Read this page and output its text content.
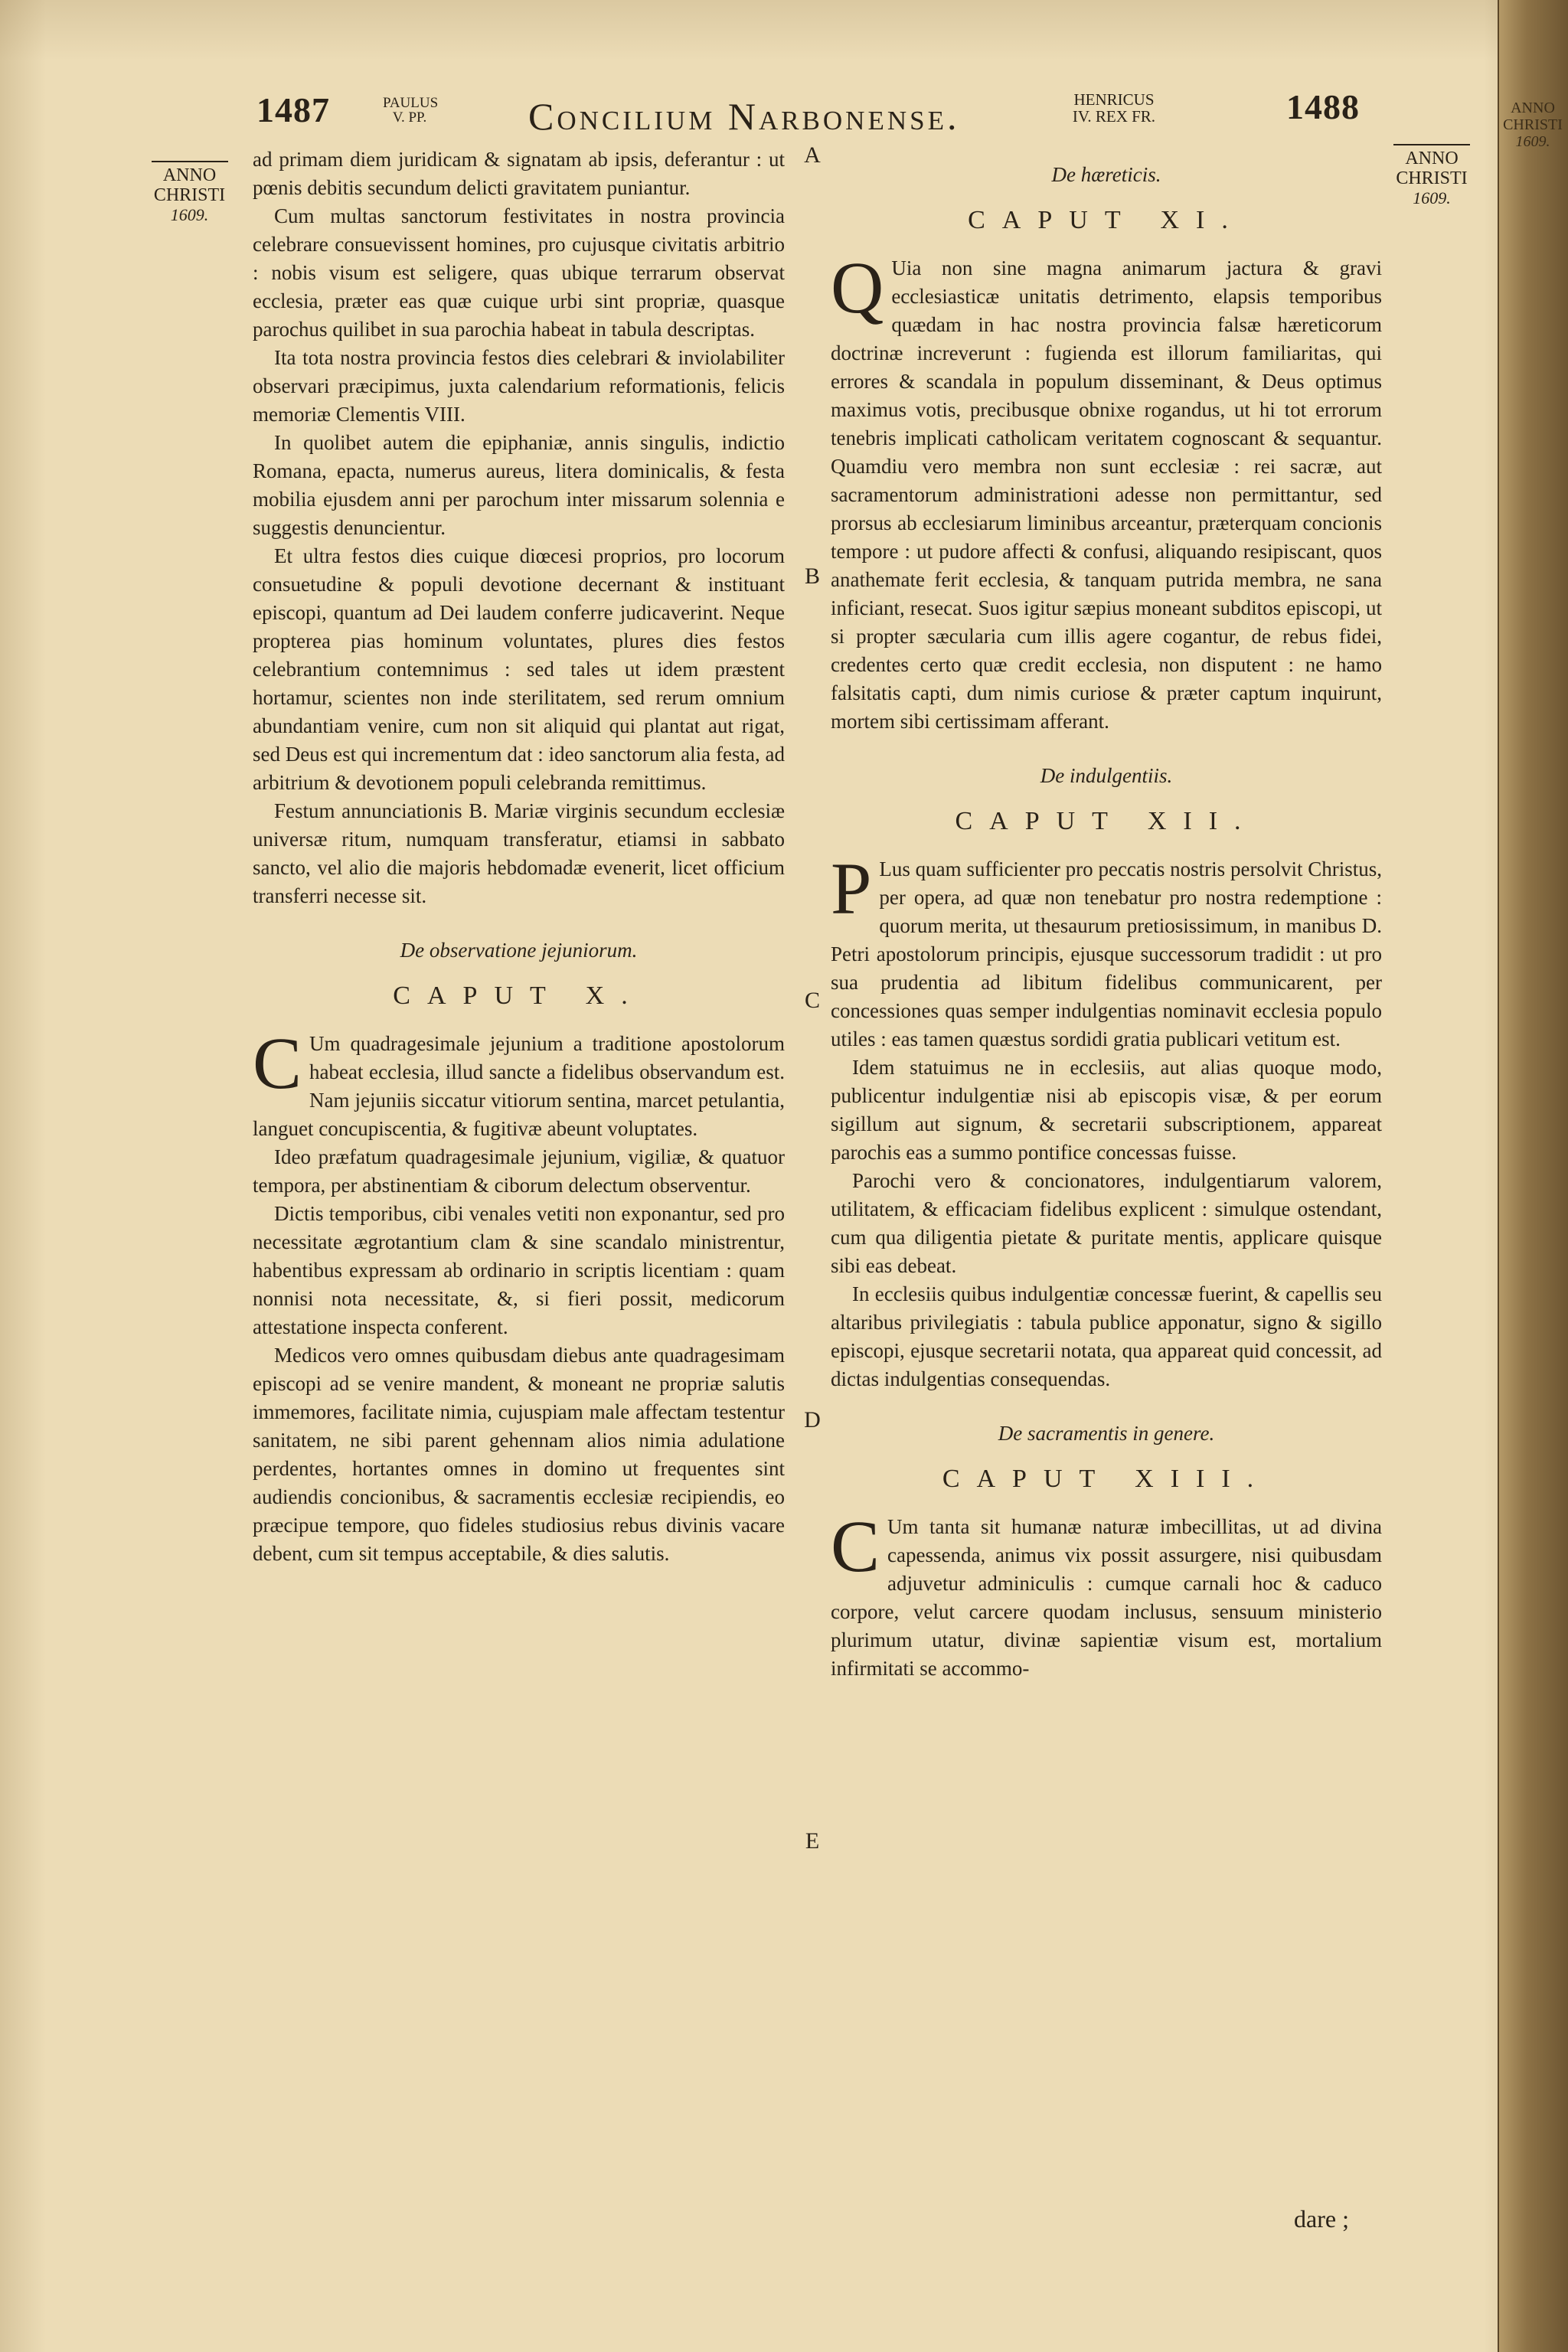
ANNO
CHRISTI
1609.
1487	PAULUS V. PP.	Concilium Narbonense.	HENRICUS IV. REX FR.	1488
ANNO
CHRISTI
1609.
ANNO
CHRISTI
1609.
A
B
C
D
E

ad primam diem juridicam & signatam ab ipsis, deferantur : ut pœnis debitis secundum delicti gravitatem puniantur.

Cum multas sanctorum festivitates in nostra provincia celebrare consuevissent homines, pro cujusque civitatis arbitrio : nobis visum est seligere, quas ubique terrarum observat ecclesia, præter eas quæ cuique urbi sint propriæ, quasque parochus quilibet in sua parochia habeat in tabula descriptas.

Ita tota nostra provincia festos dies celebrari & inviolabiliter observari præcipimus, juxta calendarium reformationis, felicis memoriæ Clementis VIII.

In quolibet autem die epiphaniæ, annis singulis, indictio Romana, epacta, numerus aureus, litera dominicalis, & festa mobilia ejusdem anni per parochum inter missarum solennia e suggestis denuncientur.

Et ultra festos dies cuique diœcesi proprios, pro locorum consuetudine & populi devotione decernant & instituant episcopi, quantum ad Dei laudem conferre judicaverint. Neque propterea pias hominum voluntates, plures dies festos celebrantium contemnimus : sed tales ut idem præstent hortamur, scientes non inde sterilitatem, sed rerum omnium abundantiam venire, cum non sit aliquid qui plantat aut rigat, sed Deus est qui incrementum dat : ideo sanctorum alia festa, ad arbitrium & devotionem populi celebranda remittimus.

Festum annunciationis B. Mariæ virginis secundum ecclesiæ universæ ritum, numquam transferatur, etiamsi in sabbato sancto, vel alio die majoris hebdomadæ evenerit, licet officium transferri necesse sit.

De observatione jejuniorum.
CAPUT X.

C Um quadragesimale jejunium a traditione apostolorum habeat ecclesia, illud sancte a fidelibus observandum est. Nam jejuniis siccatur vitiorum sentina, marcet petulantia, languet concupiscentia, & fugitivæ abeunt voluptates.

Ideo præfatum quadragesimale jejunium, vigiliæ, & quatuor tempora, per abstinentiam & ciborum delectum observentur.

Dictis temporibus, cibi venales vetiti non exponantur, sed pro necessitate ægrotantium clam & sine scandalo ministrentur, habentibus expressam ab ordinario in scriptis licentiam : quam nonnisi nota necessitate, &, si fieri possit, medicorum attestatione inspecta conferent.

Medicos vero omnes quibusdam diebus ante quadragesimam episcopi ad se venire mandent, & moneant ne propriæ salutis immemores, facilitate nimia, cujuspiam male affectam testentur sanitatem, ne sibi parent gehennam alios nimia adulatione perdentes, hortantes omnes in domino ut frequentes sint audiendis concionibus, & sacramentis ecclesiæ recipiendis, eo præcipue tempore, quo fideles studiosius rebus divinis vacare debent, cum sit tempus acceptabile, & dies salutis.

De hæreticis.
CAPUT XI.

Q Uia non sine magna animarum jactura & gravi ecclesiasticæ unitatis detrimento, elapsis temporibus quædam in hac nostra provincia falsæ hæreticorum doctrinæ increverunt : fugienda est illorum familiaritas, qui errores & scandala in populum disseminant, & Deus optimus maximus votis, precibusque obnixe rogandus, ut hi tot errorum tenebris implicati catholicam veritatem cognoscant & sequantur. Quamdiu vero membra non sunt ecclesiæ : rei sacræ, aut sacramentorum administrationi adesse non permittantur, sed prorsus ab ecclesiarum liminibus arceantur, præterquam concionis tempore : ut pudore affecti & confusi, aliquando resipiscant, quos anathemate ferit ecclesia, & tanquam putrida membra, ne sana inficiant, resecat. Suos igitur sæpius moneant subditos episcopi, ut si propter sæcularia cum illis agere cogantur, de rebus fidei, credentes certo quæ credit ecclesia, non disputent : ne hamo falsitatis capti, dum nimis curiose & præter captum inquirunt, mortem sibi certissimam afferant.

De indulgentiis.
CAPUT XII.

P Lus quam sufficienter pro peccatis nostris persolvit Christus, per opera, ad quæ non tenebatur pro nostra redemptione : quorum merita, ut thesaurum pretiosissimum, in manibus D. Petri apostolorum principis, ejusque successorum tradidit : ut pro sua prudentia ad libitum fidelibus communicarent, per concessiones quas semper indulgentias nominavit ecclesia populo utiles : eas tamen quæstus sordidi gratia publicari vetitum est.

Idem statuimus ne in ecclesiis, aut alias quoque modo, publicentur indulgentiæ nisi ab episcopis visæ, & per eorum sigillum aut signum, & secretarii subscriptionem, appareat parochis eas a summo pontifice concessas fuisse.

Parochi vero & concionatores, indulgentiarum valorem, utilitatem, & efficaciam fidelibus explicent : simulque ostendant, cum qua diligentia pietate & puritate mentis, applicare quisque sibi eas debeat.

In ecclesiis quibus indulgentiæ concessæ fuerint, & capellis seu altaribus privilegiatis : tabula publice apponatur, signo & sigillo episcopi, ejusque secretarii notata, qua appareat quid concessit, ad dictas indulgentias consequendas.

De sacramentis in genere.
CAPUT XIII.

C Um tanta sit humanæ naturæ imbecillitas, ut ad divina capessenda, animus vix possit assurgere, nisi quibusdam adjuvetur adminiculis : cumque carnali hoc & caduco corpore, velut carcere quodam inclusus, sensuum ministerio plurimum utatur, divinæ sapientiæ visum est, mortalium infirmitati se accommo-

dare ;
